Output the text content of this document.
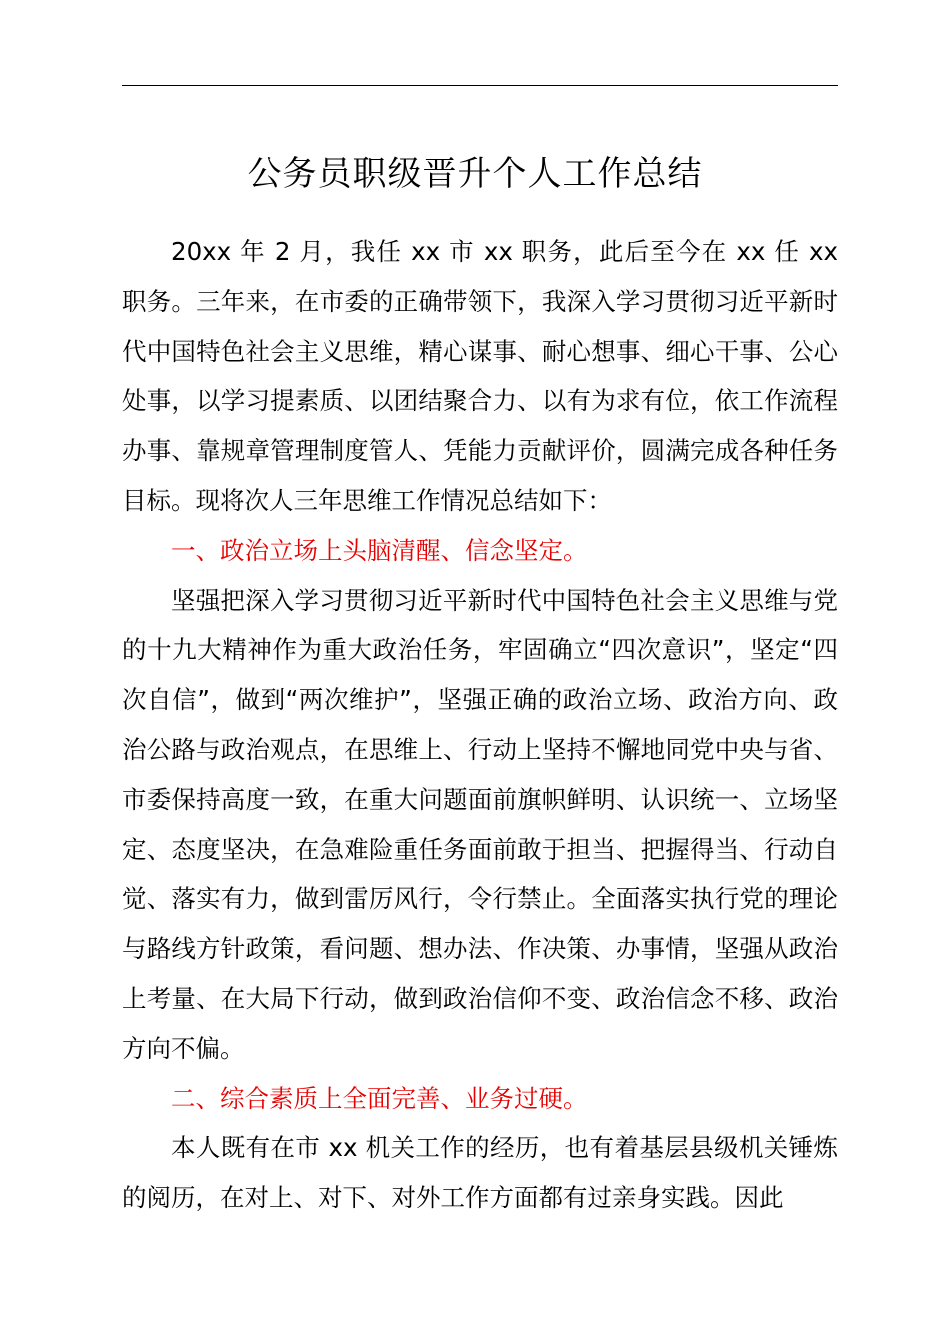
公务员职级晋升个人工作总结

20xx 年 2 月，我任 xx 市 xx 职务，此后至今在 xx 任 xx 职务。三年来，在市委的正确带领下，我深入学习贯彻习近平新时代中国特色社会主义思维，精心谋事、耐心想事、细心干事、公心处事，以学习提素质、以团结聚合力、以有为求有位，依工作流程办事、靠规章管理制度管人、凭能力贡献评价，圆满完成各种任务目标。现将次人三年思维工作情况总结如下：

一、政治立场上头脑清醒、信念坚定。

坚强把深入学习贯彻习近平新时代中国特色社会主义思维与党的十九大精神作为重大政治任务，牢固确立“四次意识”，坚定“四次自信”，做到“两次维护”，坚强正确的政治立场、政治方向、政治公路与政治观点，在思维上、行动上坚持不懈地同党中央与省、市委保持高度一致，在重大问题面前旗帜鲜明、认识统一、立场坚定、态度坚决，在急难险重任务面前敢于担当、把握得当、行动自觉、落实有力，做到雷厉风行，令行禁止。全面落实执行党的理论与路线方针政策，看问题、想办法、作决策、办事情，坚强从政治上考量、在大局下行动，做到政治信仰不变、政治信念不移、政治方向不偏。

二、综合素质上全面完善、业务过硬。

本人既有在市 xx 机关工作的经历，也有着基层县级机关锤炼的阅历，在对上、对下、对外工作方面都有过亲身实践。因此
